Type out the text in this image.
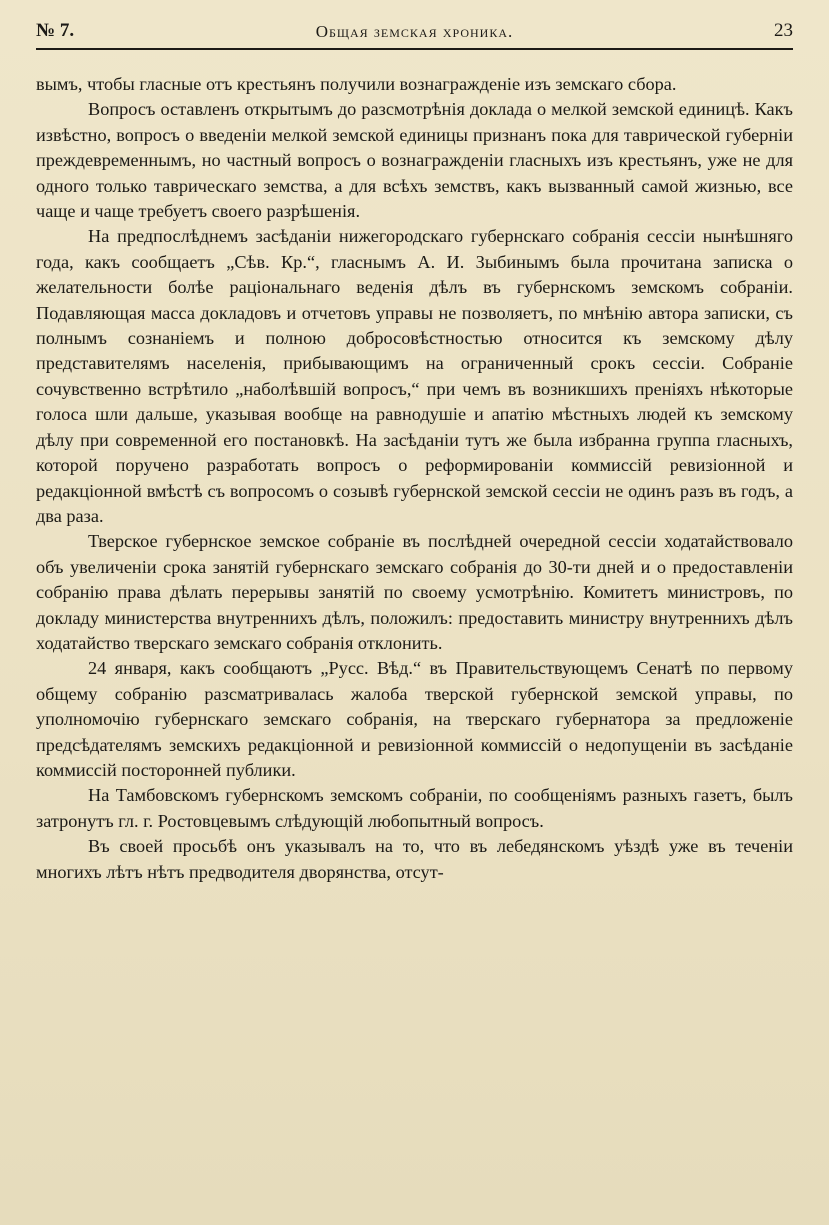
№ 7.	Общая земская хроника.	23

вымъ, чтобы гласные отъ крестьянъ получили вознагражденіе изъ земскаго сбора.

Вопросъ оставленъ открытымъ до разсмотрѣнія доклада о мелкой земской единицѣ. Какъ извѣстно, вопросъ о введеніи мелкой земской единицы признанъ пока для таврической губерніи преждевременнымъ, но частный вопросъ о вознагражденіи гласныхъ изъ крестьянъ, уже не для одного только таврическаго земства, а для всѣхъ земствъ, какъ вызванный самой жизнью, все чаще и чаще требуетъ своего разрѣшенія.

На предпослѣднемъ засѣданіи нижегородскаго губернскаго собранія сессіи нынѣшняго года, какъ сообщаетъ „Сѣв. Кр.“, гласнымъ А. И. Зыбинымъ была прочитана записка о желательности болѣе раціональнаго веденія дѣлъ въ губернскомъ земскомъ собраніи. Подавляющая масса докладовъ и отчетовъ управы не позволяетъ, по мнѣнію автора записки, съ полнымъ сознаніемъ и полною добросовѣстностью относится къ земскому дѣлу представителямъ населенія, прибывающимъ на ограниченный срокъ сессіи. Собраніе сочувственно встрѣтило „наболѣвшій вопросъ,“ при чемъ въ возникшихъ преніяхъ нѣкоторые голоса шли дальше, указывая вообще на равнодушіе и апатію мѣстныхъ людей къ земскому дѣлу при современной его постановкѣ. На засѣданіи тутъ же была избранна группа гласныхъ, которой поручено разработать вопросъ о реформированіи коммиссій ревизіонной и редакціонной вмѣстѣ съ вопросомъ о созывѣ губернской земской сессіи не одинъ разъ въ годъ, а два раза.

Тверское губернское земское собраніе въ послѣдней очередной сессіи ходатайствовало объ увеличеніи срока занятій губернскаго земскаго собранія до 30-ти дней и о предоставленіи собранію права дѣлать перерывы занятій по своему усмотрѣнію. Комитетъ министровъ, по докладу министерства внутреннихъ дѣлъ, положилъ: предоставить министру внутреннихъ дѣлъ ходатайство тверскаго земскаго собранія отклонить.

24 января, какъ сообщаютъ „Русс. Вѣд.“ въ Правительствующемъ Сенатѣ по первому общему собранію разсматривалась жалоба тверской губернской земской управы, по уполномочію губернскаго земскаго собранія, на тверскаго губернатора за предложеніе предсѣдателямъ земскихъ редакціонной и ревизіонной коммиссій о недопущеніи въ засѣданіе коммиссій посторонней публики.

На Тамбовскомъ губернскомъ земскомъ собраніи, по сообщеніямъ разныхъ газетъ, былъ затронутъ гл. г. Ростовцевымъ слѣдующій любопытный вопросъ.

Въ своей просьбѣ онъ указывалъ на то, что въ лебедянскомъ уѣздѣ уже въ теченіи многихъ лѣтъ нѣтъ предводителя дворянства, отсут-
